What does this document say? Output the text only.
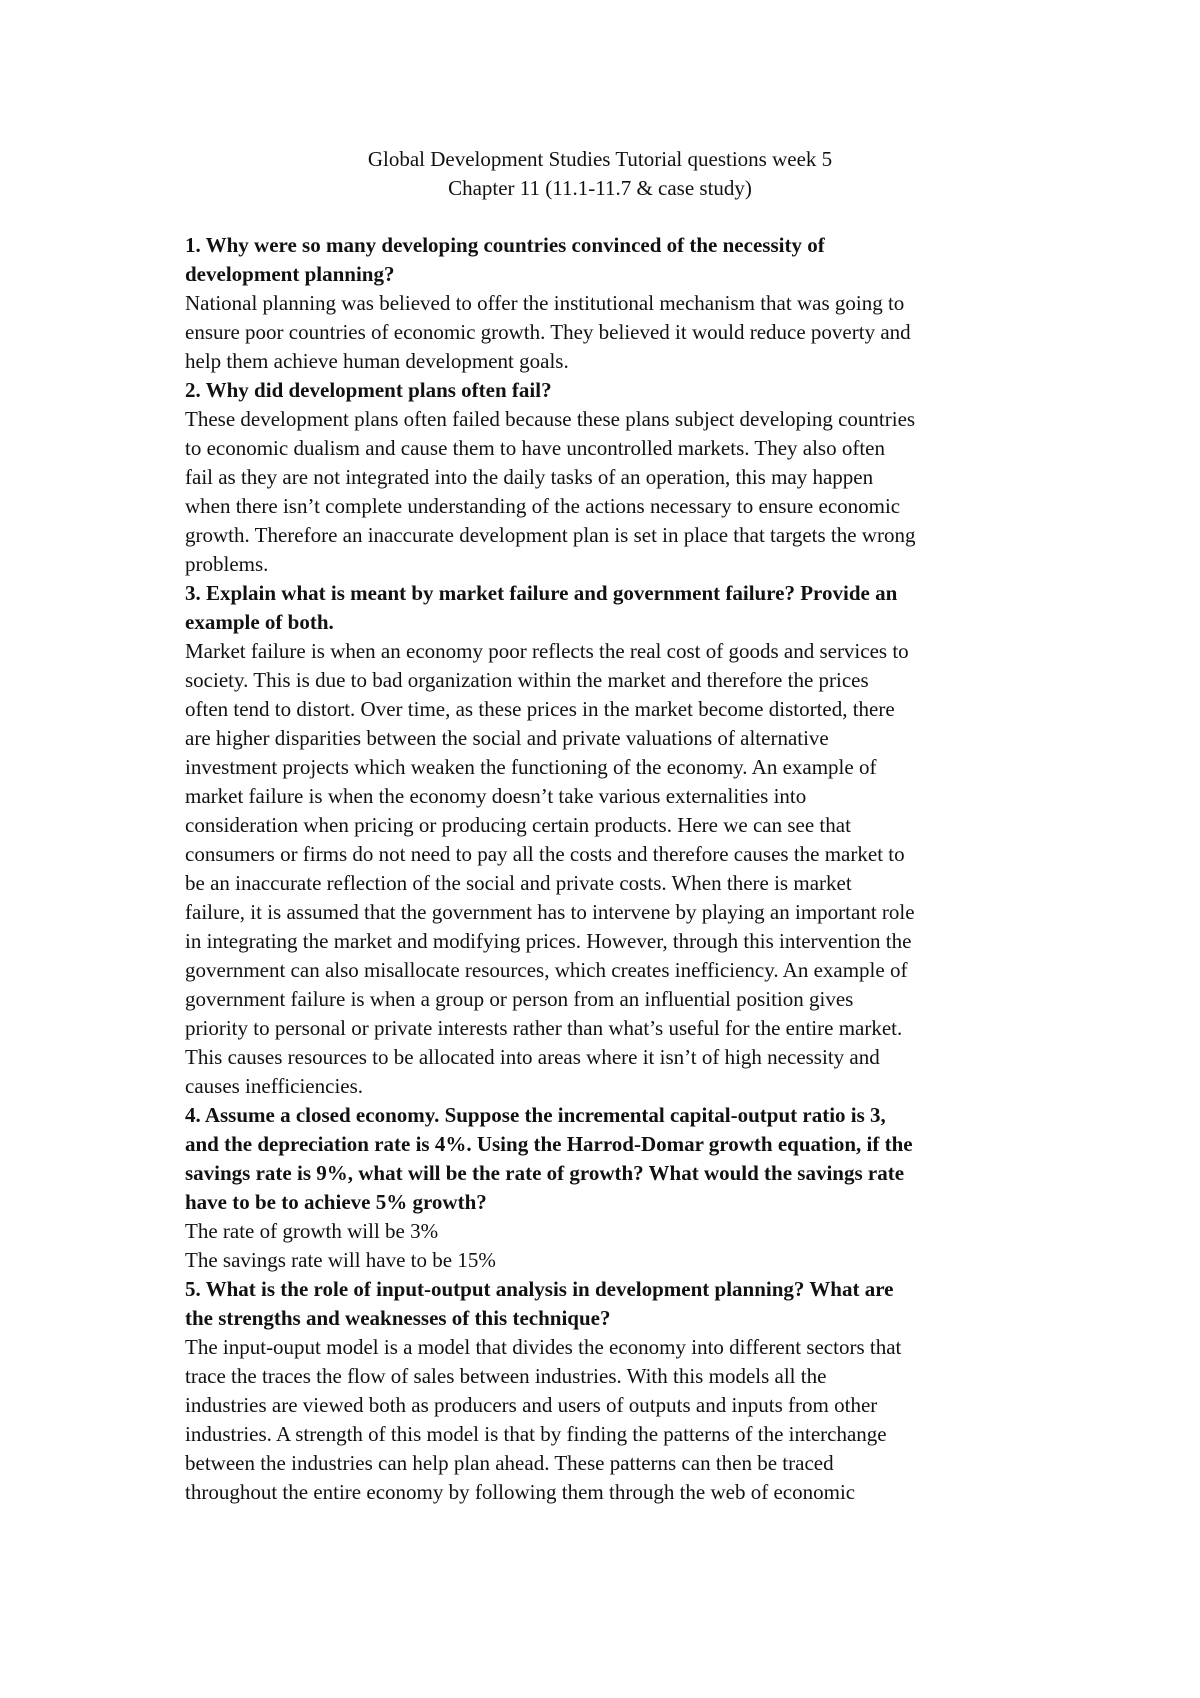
Global Development Studies Tutorial questions week 5
Chapter 11 (11.1-11.7 & case study)
1. Why were so many developing countries convinced of the necessity of
development planning?
National planning was believed to offer the institutional mechanism that was going to
ensure poor countries of economic growth. They believed it would reduce poverty and
help them achieve human development goals.
2. Why did development plans often fail?
These development plans often failed because these plans subject developing countries
to economic dualism and cause them to have uncontrolled markets. They also often
fail as they are not integrated into the daily tasks of an operation, this may happen
when there isn’t complete understanding of the actions necessary to ensure economic
growth. Therefore an inaccurate development plan is set in place that targets the wrong
problems.
3. Explain what is meant by market failure and government failure? Provide an
example of both.
Market failure is when an economy poor reflects the real cost of goods and services to
society. This is due to bad organization within the market and therefore the prices
often tend to distort. Over time, as these prices in the market become distorted, there
are higher disparities between the social and private valuations of alternative
investment projects which weaken the functioning of the economy. An example of
market failure is when the economy doesn’t take various externalities into
consideration when pricing or producing certain products. Here we can see that
consumers or firms do not need to pay all the costs and therefore causes the market to
be an inaccurate reflection of the social and private costs. When there is market
failure, it is assumed that the government has to intervene by playing an important role
in integrating the market and modifying prices. However, through this intervention the
government can also misallocate resources, which creates inefficiency. An example of
government failure is when a group or person from an influential position gives
priority to personal or private interests rather than what’s useful for the entire market.
This causes resources to be allocated into areas where it isn’t of high necessity and
causes inefficiencies.
4. Assume a closed economy. Suppose the incremental capital-output ratio is 3,
and the depreciation rate is 4%. Using the Harrod-Domar growth equation, if the
savings rate is 9%, what will be the rate of growth? What would the savings rate
have to be to achieve 5% growth?
The rate of growth will be 3%
The savings rate will have to be 15%
5. What is the role of input-output analysis in development planning? What are
the strengths and weaknesses of this technique?
The input-ouput model is a model that divides the economy into different sectors that
trace the traces the flow of sales between industries. With this models all the
industries are viewed both as producers and users of outputs and inputs from other
industries. A strength of this model is that by finding the patterns of the interchange
between the industries can help plan ahead. These patterns can then be traced
throughout the entire economy by following them through the web of economic
